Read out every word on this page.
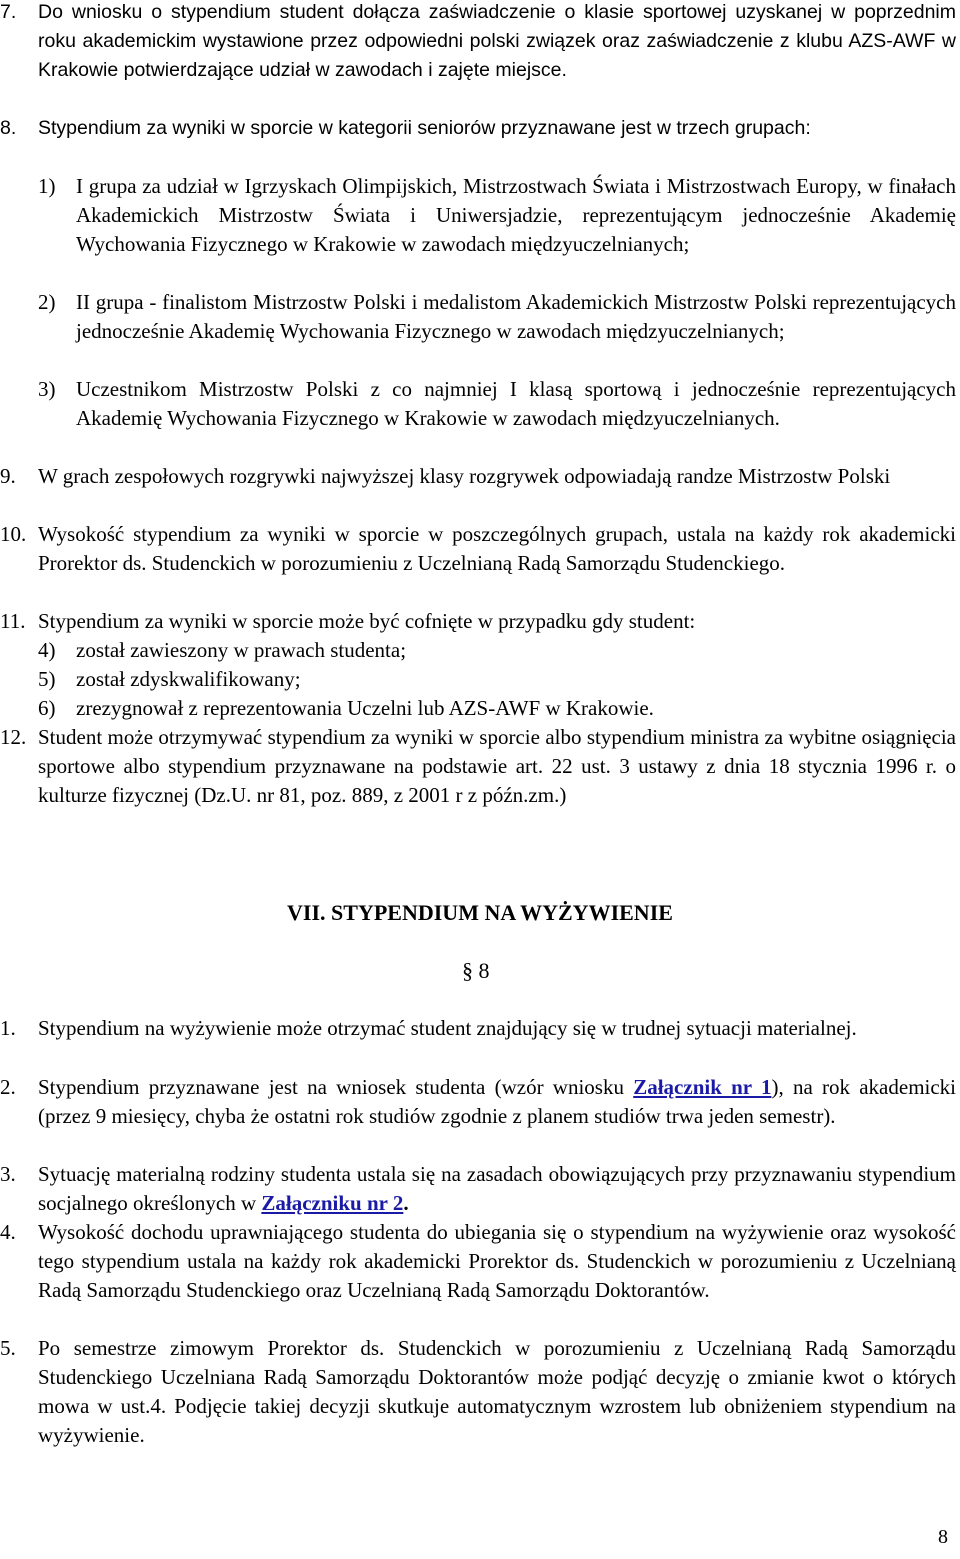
7. Do wniosku o stypendium student dołącza zaświadczenie o klasie sportowej uzyskanej w poprzednim roku akademickim wystawione przez odpowiedni polski związek oraz zaświadczenie z klubu AZS-AWF w Krakowie potwierdzające udział w zawodach i zajęte miejsce.
8. Stypendium za wyniki w sporcie w kategorii seniorów przyznawane jest w trzech grupach:
1) I grupa za udział w Igrzyskach Olimpijskich, Mistrzostwach Świata i Mistrzostwach Europy, w finałach Akademickich Mistrzostw Świata i Uniwersjadzie, reprezentującym jednocześnie Akademię Wychowania Fizycznego w Krakowie w zawodach międzyuczelnianych;
2) II grupa - finalistom Mistrzostw Polski i medalistom Akademickich Mistrzostw Polski reprezentujących jednocześnie Akademię Wychowania Fizycznego w zawodach międzyuczelnianych;
3) Uczestnikom Mistrzostw Polski z co najmniej I klasą sportową i jednocześnie reprezentujących Akademię Wychowania Fizycznego w Krakowie w zawodach międzyuczelnianych.
9. W grach zespołowych rozgrywki najwyższej klasy rozgrywek odpowiadają randze Mistrzostw Polski
10. Wysokość stypendium za wyniki w sporcie w poszczególnych grupach, ustala na każdy rok akademicki Prorektor ds. Studenckich w porozumieniu z Uczelnianą Radą Samorządu Studenckiego.
11. Stypendium za wyniki w sporcie może być cofnięte w przypadku gdy student:
4) został zawieszony w prawach studenta;
5) został zdyskwalifikowany;
6) zrezygnował z reprezentowania Uczelni lub AZS-AWF w Krakowie.
12. Student może otrzymywać stypendium za wyniki w sporcie albo stypendium ministra za wybitne osiągnięcia sportowe albo stypendium przyznawane na podstawie art. 22 ust. 3 ustawy z dnia 18 stycznia 1996 r. o kulturze fizycznej (Dz.U. nr 81, poz. 889, z 2001 r z późn.zm.)
VII. STYPENDIUM NA WYŻYWIENIE
§ 8
1. Stypendium na wyżywienie może otrzymać student znajdujący się w trudnej sytuacji materialnej.
2. Stypendium przyznawane jest na wniosek studenta (wzór wniosku Załącznik nr 1), na rok akademicki (przez 9 miesięcy, chyba że ostatni rok studiów zgodnie z planem studiów trwa jeden semestr).
3. Sytuację materialną rodziny studenta ustala się na zasadach obowiązujących przy przyznawaniu stypendium socjalnego określonych w Załączniku nr 2.
4. Wysokość dochodu uprawniającego studenta do ubiegania się o stypendium na wyżywienie oraz wysokość tego stypendium ustala na każdy rok akademicki Prorektor ds. Studenckich w porozumieniu z Uczelnianą Radą Samorządu Studenckiego oraz Uczelnianą Radą Samorządu Doktorantów.
5. Po semestrze zimowym Prorektor ds. Studenckich w porozumieniu z Uczelnianą Radą Samorządu Studenckiego Uczelniana Radą Samorządu Doktorantów może podjąć decyzję o zmianie kwot o których mowa w ust.4. Podjęcie takiej decyzji skutkuje automatycznym wzrostem lub obniżeniem stypendium na wyżywienie.
8
